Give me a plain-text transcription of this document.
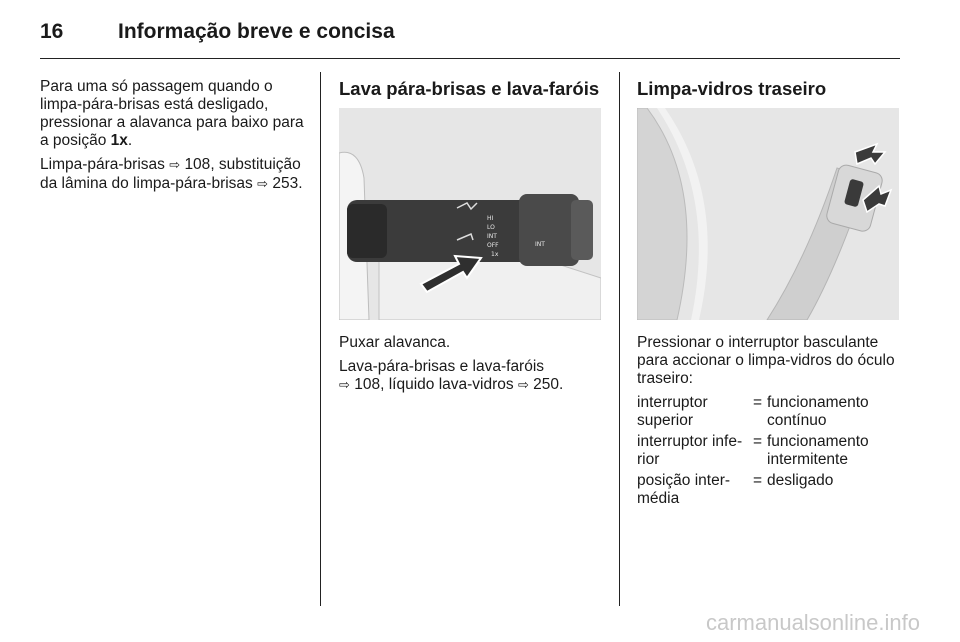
16	Informação breve e concisa

Para uma só passagem quando o limpa-pára-brisas está desligado, pressionar a alavanca para baixo para a posição 1x.

Limpa-pára-brisas ⇨ 108, substituição da lâmina do limpa-pára-brisas ⇨ 253.

Lava pára-brisas e lava-faróis
HI
LO
INT
OFF
1x
INT

Puxar alavanca.

Lava-pára-brisas e lava-faróis
⇨ 108, líquido lava-vidros ⇨ 250.

Limpa-vidros traseiro

Pressionar o interruptor basculante para accionar o limpa-vidros do óculo traseiro:

interruptor superior	=	funcionamento contínuo
interruptor infe-rior	=	funcionamento intermitente
posição inter-média	=	desligado
carmanualsonline.info
